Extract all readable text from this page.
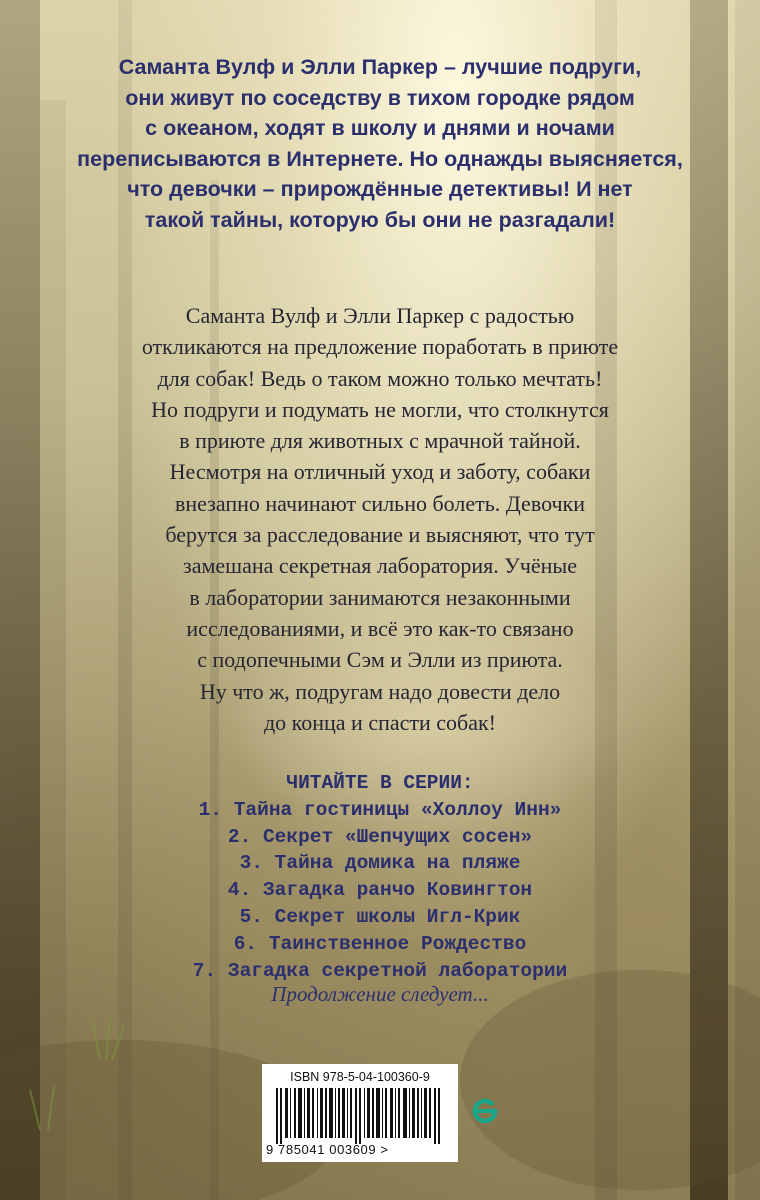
Саманта Вулф и Элли Паркер – лучшие подруги,
они живут по соседству в тихом городке рядом
с океаном, ходят в школу и днями и ночами
переписываются в Интернете. Но однажды выясняется,
что девочки – прирождённые детективы! И нет
такой тайны, которую бы они не разгадали!
Саманта Вулф и Элли Паркер с радостью
откликаются на предложение поработать в приюте
для собак! Ведь о таком можно только мечтать!
Но подруги и подумать не могли, что столкнутся
в приюте для животных с мрачной тайной.
Несмотря на отличный уход и заботу, собаки
внезапно начинают сильно болеть. Девочки
берутся за расследование и выясняют, что тут
замешана секретная лаборатория. Учёные
в лаборатории занимаются незаконными
исследованиями, и всё это как-то связано
с подопечными Сэм и Элли из приюта.
Ну что ж, подругам надо довести дело
до конца и спасти собак!
ЧИТАЙТЕ В СЕРИИ:
1. Тайна гостиницы «Холлоу Инн»
2. Секрет «Шепчущих сосен»
3. Тайна домика на пляже
4. Загадка ранчо Ковингтон
5. Секрет школы Игл-Крик
6. Таинственное Рождество
7. Загадка секретной лаборатории
Продолжение следует...
ISBN 978-5-04-100360-9
9 785041 003609 >
